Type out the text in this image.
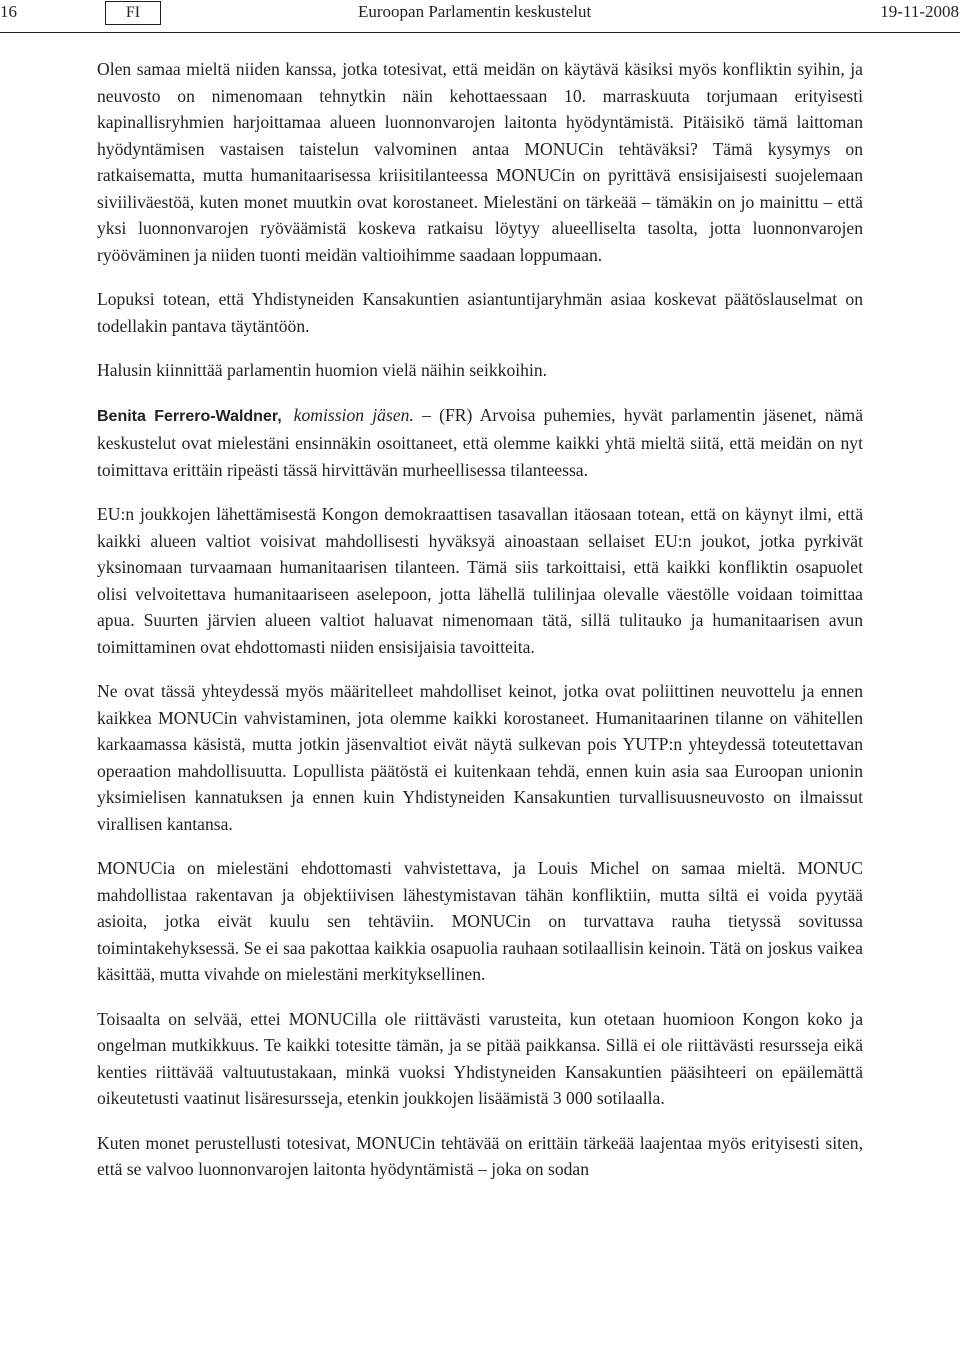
16	FI	Euroopan Parlamentin keskustelut	19-11-2008

Olen samaa mieltä niiden kanssa, jotka totesivat, että meidän on käytävä käsiksi myös konfliktin syihin, ja neuvosto on nimenomaan tehnytkin näin kehottaessaan 10. marraskuuta torjumaan erityisesti kapinallisryhmien harjoittamaa alueen luonnonvarojen laitonta hyödyntämistä. Pitäisikö tämä laittoman hyödyntämisen vastaisen taistelun valvominen antaa MONUCin tehtäväksi? Tämä kysymys on ratkaisematta, mutta humanitaarisessa kriisitilanteessa MONUCin on pyrittävä ensisijaisesti suojelemaan siviiliväestöä, kuten monet muutkin ovat korostaneet. Mielestäni on tärkeää – tämäkin on jo mainittu – että yksi luonnonvarojen ryöväämistä koskeva ratkaisu löytyy alueelliselta tasolta, jotta luonnonvarojen ryööväminen ja niiden tuonti meidän valtioihimme saadaan loppumaan.

Lopuksi totean, että Yhdistyneiden Kansakuntien asiantuntijaryhmän asiaa koskevat päätöslauselmat on todellakin pantava täytäntöön.

Halusin kiinnittää parlamentin huomion vielä näihin seikkoihin.

Benita Ferrero-Waldner, komission jäsen. – (FR) Arvoisa puhemies, hyvät parlamentin jäsenet, nämä keskustelut ovat mielestäni ensinnäkin osoittaneet, että olemme kaikki yhtä mieltä siitä, että meidän on nyt toimittava erittäin ripeästi tässä hirvittävän murheellisessa tilanteessa.

EU:n joukkojen lähettämisestä Kongon demokraattisen tasavallan itäosaan totean, että on käynyt ilmi, että kaikki alueen valtiot voisivat mahdollisesti hyväksyä ainoastaan sellaiset EU:n joukot, jotka pyrkivät yksinomaan turvaamaan humanitaarisen tilanteen. Tämä siis tarkoittaisi, että kaikki konfliktin osapuolet olisi velvoitettava humanitaariseen aselepoon, jotta lähellä tulilinjaa olevalle väestölle voidaan toimittaa apua. Suurten järvien alueen valtiot haluavat nimenomaan tätä, sillä tulitauko ja humanitaarisen avun toimittaminen ovat ehdottomasti niiden ensisijaisia tavoitteita.

Ne ovat tässä yhteydessä myös määritelleet mahdolliset keinot, jotka ovat poliittinen neuvottelu ja ennen kaikkea MONUCin vahvistaminen, jota olemme kaikki korostaneet. Humanitaarinen tilanne on vähitellen karkaamassa käsistä, mutta jotkin jäsenvaltiot eivät näytä sulkevan pois YUTP:n yhteydessä toteutettavan operaation mahdollisuutta. Lopullista päätöstä ei kuitenkaan tehdä, ennen kuin asia saa Euroopan unionin yksimielisen kannatuksen ja ennen kuin Yhdistyneiden Kansakuntien turvallisuusneuvosto on ilmaissut virallisen kantansa.

MONUCia on mielestäni ehdottomasti vahvistettava, ja Louis Michel on samaa mieltä. MONUC mahdollistaa rakentavan ja objektiivisen lähestymistavan tähän konfliktiin, mutta siltä ei voida pyytää asioita, jotka eivät kuulu sen tehtäviin. MONUCin on turvattava rauha tietyssä sovitussa toimintakehyksessä. Se ei saa pakottaa kaikkia osapuolia rauhaan sotilaallisin keinoin. Tätä on joskus vaikea käsittää, mutta vivahde on mielestäni merkityksellinen.

Toisaalta on selvää, ettei MONUCilla ole riittävästi varusteita, kun otetaan huomioon Kongon koko ja ongelman mutkikkuus. Te kaikki totesitte tämän, ja se pitää paikkansa. Sillä ei ole riittävästi resursseja eikä kenties riittävää valtuutustakaan, minkä vuoksi Yhdistyneiden Kansakuntien pääsihteeri on epäilemättä oikeutetusti vaatinut lisäresursseja, etenkin joukkojen lisäämistä 3 000 sotilaalla.

Kuten monet perustellusti totesivat, MONUCin tehtävää on erittäin tärkeää laajentaa myös erityisesti siten, että se valvoo luonnonvarojen laitonta hyödyntämistä – joka on sodan
